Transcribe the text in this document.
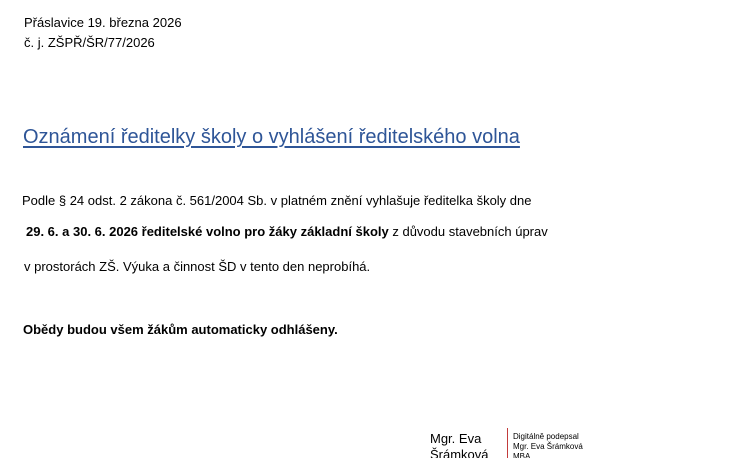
Přáslavice 19. března 2026
č. j. ZŠPŘ/ŠR/77/2026
Oznámení ředitelky školy o vyhlášení ředitelského volna
Podle § 24 odst. 2 zákona č. 561/2004 Sb. v platném znění vyhlašuje ředitelka školy dne
29. 6. a 30. 6. 2026 ředitelské volno pro žáky základní školy z důvodu stavebních úprav
v prostorách ZŠ. Výuka a činnost ŠD v tento den neprobíhá.
Obědy budou všem žákům automaticky odhlášeny.
Mgr. Eva
Šrámková
Digitálně podepsal
Mgr. Eva Šrámková
MBA
